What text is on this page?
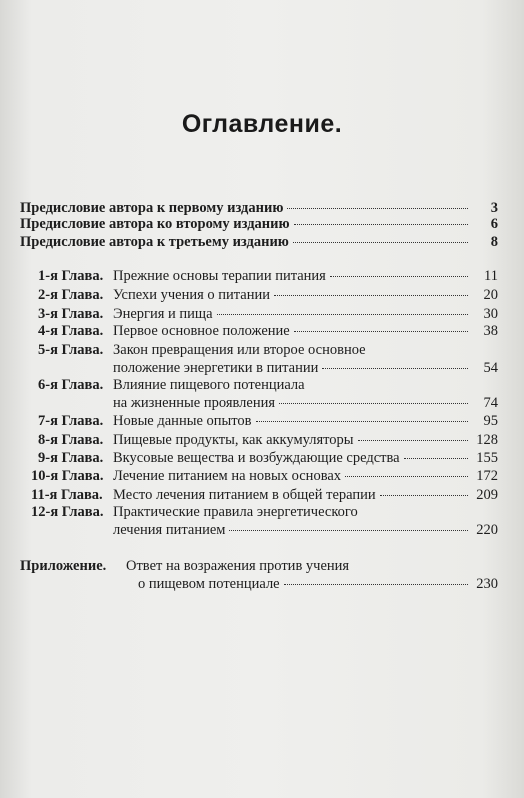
Оглавление.
Предисловие автора к первому изданию	3
Предисловие автора ко второму изданию	6
Предисловие автора к третьему изданию	8
1-я Глава. Прежние основы терапии питания	11
2-я Глава. Успехи учения о питании	20
3-я Глава. Энергия и пища	30
4-я Глава. Первое основное положение	38
5-я Глава. Закон превращения или второе основное
положение энергетики в питании	54
6-я Глава. Влияние пищевого потенциала
на жизненные проявления	74
7-я Глава. Новые данные опытов	95
8-я Глава. Пищевые продукты, как аккумуляторы	128
9-я Глава. Вкусовые вещества и возбуждающие средства	155
10-я Глава. Лечение питанием на новых основах	172
11-я Глава. Место лечения питанием в общей терапии	209
12-я Глава. Практические правила энергетического
лечения питанием	220
Приложение. Ответ на возражения против учения
о пищевом потенциале	230
